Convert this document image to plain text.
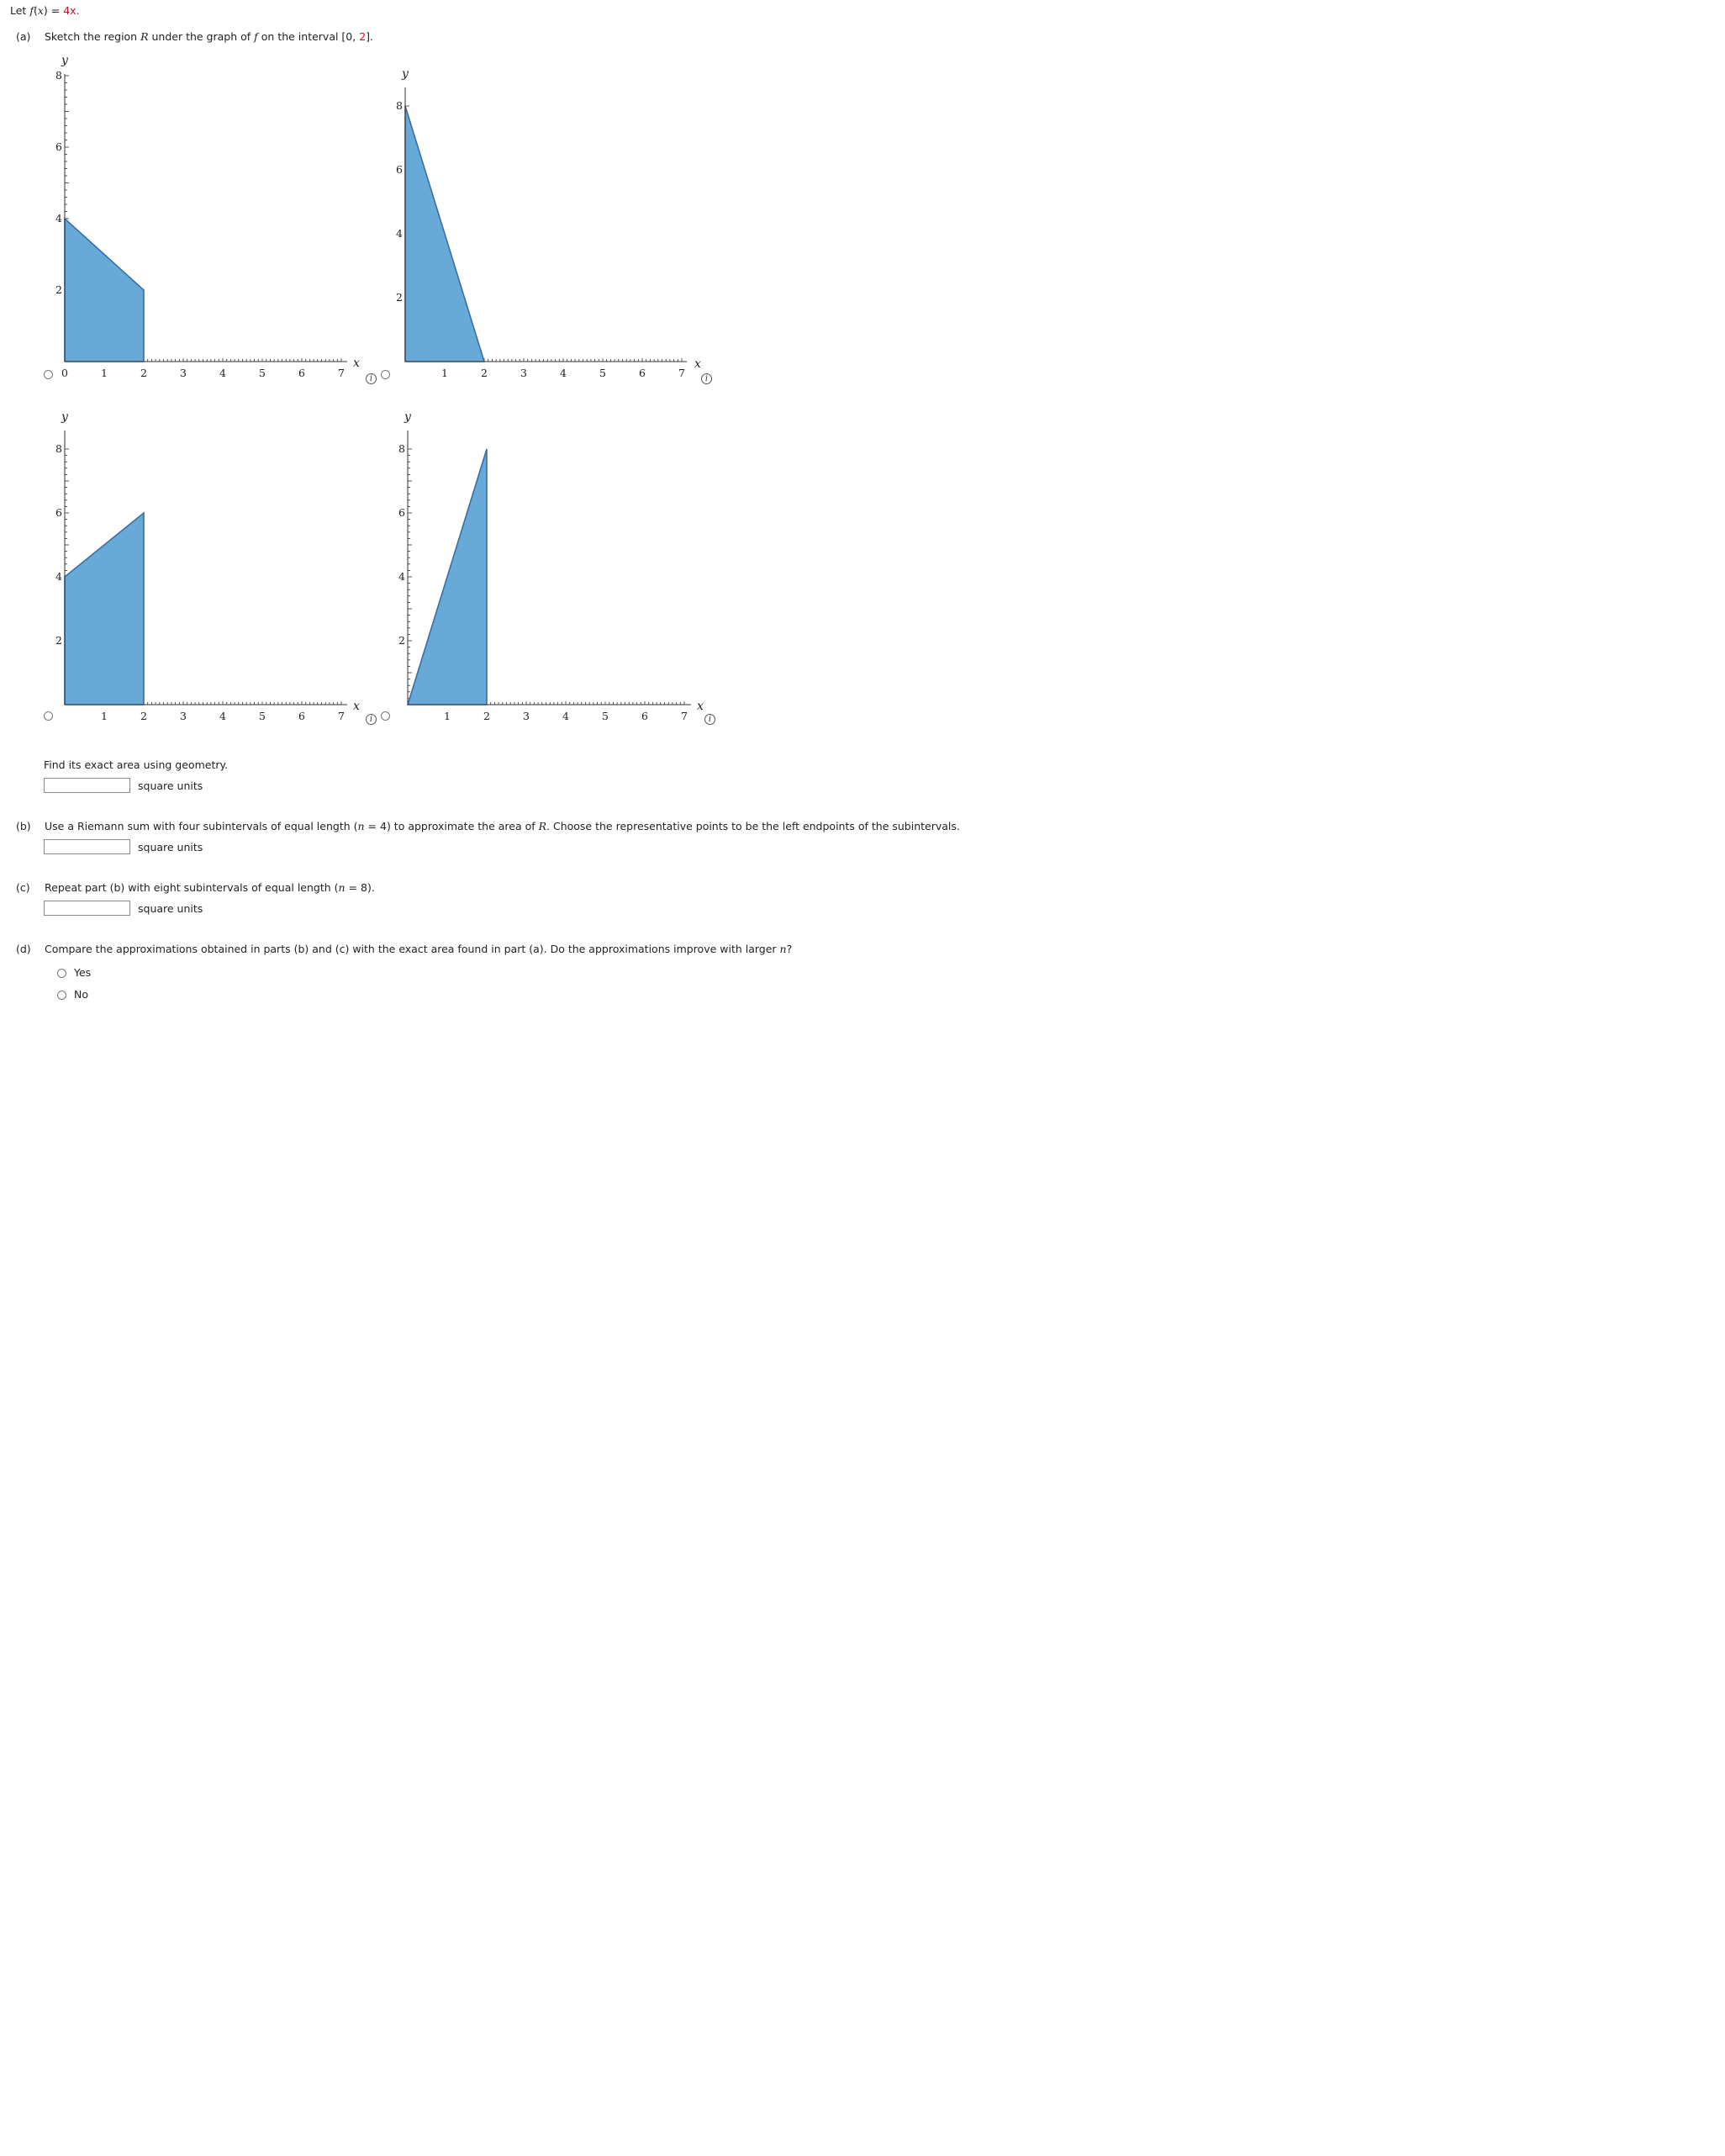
Let f(x) = 4x.
(a) Sketch the region R under the graph of f on the interval [0, 2].
1	2	3	4	5	6	7
0
2
4
6
8
y
x
i	1	2	3	4	5	6	7
2
4
6
8
y
x
i
1	2	3	4	5	6	7
2
4
6
8
y
x
i	1	2	3	4	5	6	7
2
4
6
8
y
x
i
Find its exact area using geometry.
square units
(b) Use a Riemann sum with four subintervals of equal length (n = 4) to approximate the area of R. Choose the representative points to be the left endpoints of the subintervals.
square units
(c) Repeat part (b) with eight subintervals of equal length (n = 8).
square units
(d) Compare the approximations obtained in parts (b) and (c) with the exact area found in part (a). Do the approximations improve with larger n?
Yes
No
